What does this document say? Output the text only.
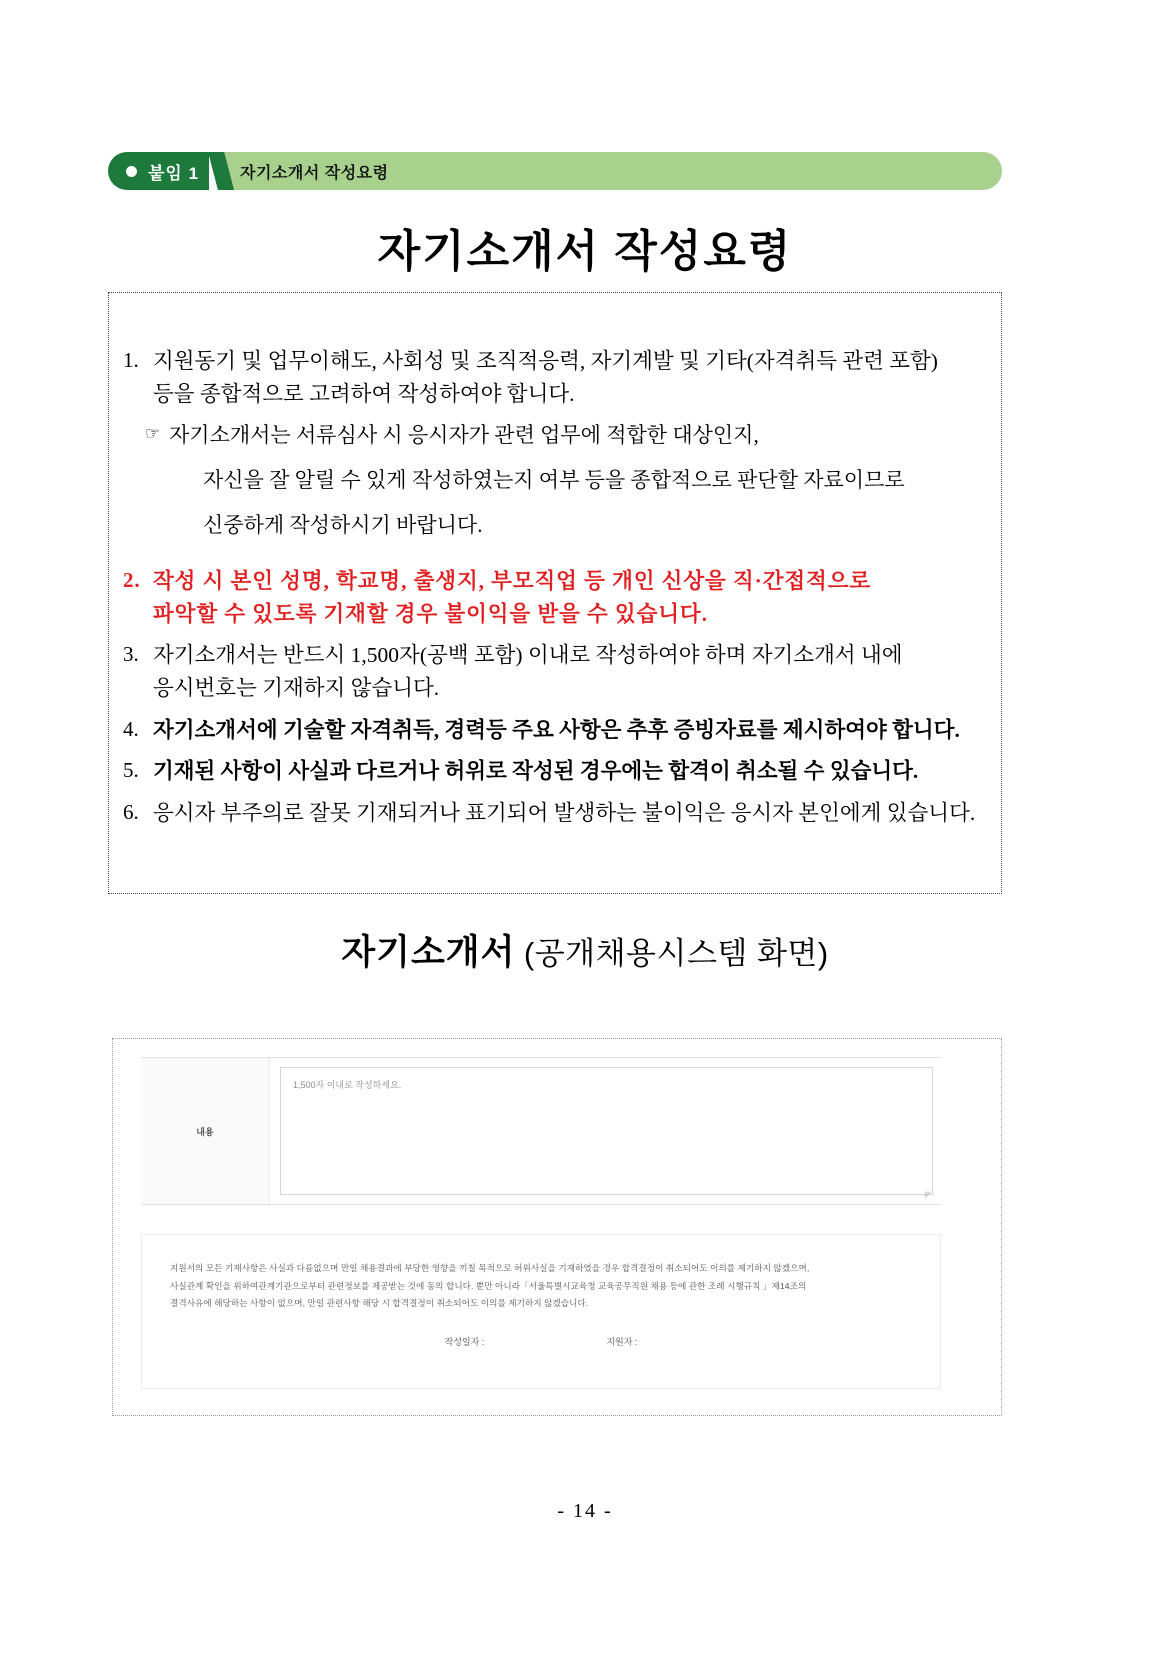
붙임 1	자기소개서 작성요령
자기소개서 작성요령
1. 지원동기 및 업무이해도, 사회성 및 조직적응력, 자기계발 및 기타(자격취득 관련 포함)
등을 종합적으로 고려하여 작성하여야 합니다.
☞ 자기소개서는 서류심사 시 응시자가 관련 업무에 적합한 대상인지,
자신을 잘 알릴 수 있게 작성하였는지 여부 등을 종합적으로 판단할 자료이므로
신중하게 작성하시기 바랍니다.
2. 작성 시 본인 성명, 학교명, 출생지, 부모직업 등 개인 신상을 직·간접적으로
파악할 수 있도록 기재할 경우 불이익을 받을 수 있습니다.
3. 자기소개서는 반드시 1,500자(공백 포함) 이내로 작성하여야 하며 자기소개서 내에
응시번호는 기재하지 않습니다.
4. 자기소개서에 기술할 자격취득, 경력등 주요 사항은 추후 증빙자료를 제시하여야 합니다.
5. 기재된 사항이 사실과 다르거나 허위로 작성된 경우에는 합격이 취소될 수 있습니다.
6. 응시자 부주의로 잘못 기재되거나 표기되어 발생하는 불이익은 응시자 본인에게 있습니다.
자기소개서 (공개채용시스템 화면)
내용
1,500자 이내로 작성하세요.
지원서의 모든 기재사항은 사실과 다름없으며 만일 채용결과에 부당한 영향을 끼칠 목적으로 허위사실을 기재하였을 경우 합격결정이 취소되어도 이의를 제기하지 않겠으며,
사실관계 확인을 위하여관계기관으로부터 관련정보를 제공받는 것에 동의 합니다. 뿐만 아니라「서울특별시교육청 교육공무직원 채용 등에 관한 조례 시행규칙 」제14조의
결격사유에 해당하는 사항이 없으며, 만일 관련사항 해당 시 합격결정이 취소되어도 이의를 제기하지 않겠습니다.
작성일자 :	지원자 :
- 14 -
